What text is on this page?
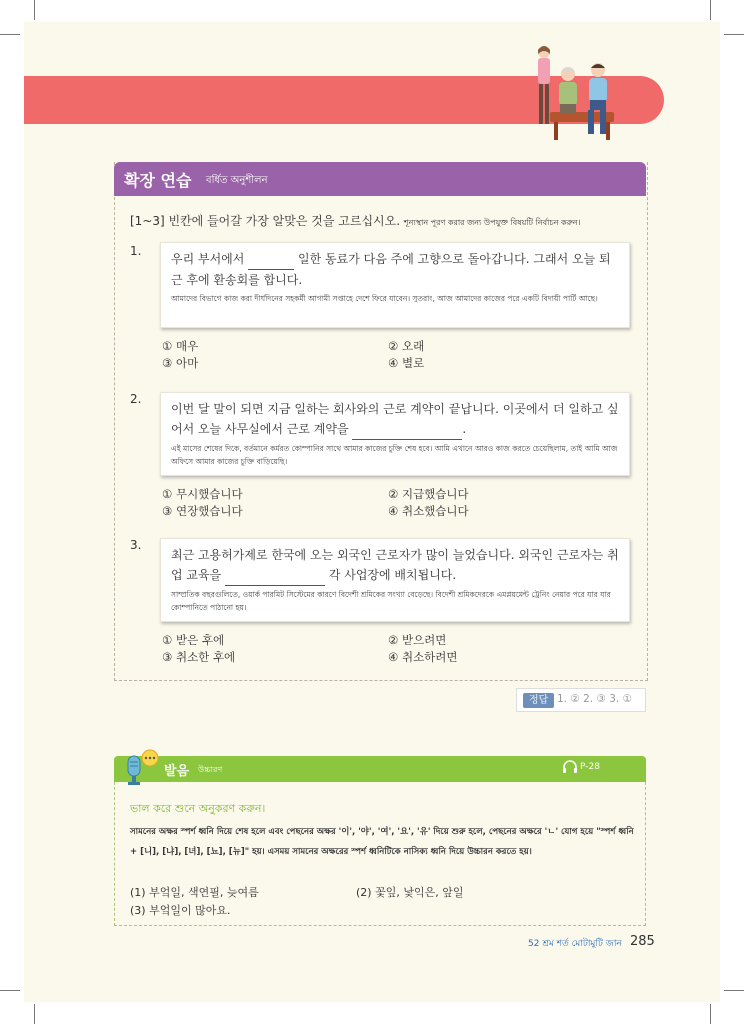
확장 연습 বর্ধিত অনুশীলন
[1~3] 빈칸에 들어갈 가장 알맞은 것을 고르십시오. শূন্যস্থান পূরণ করার জন্য উপযুক্ত বিষয়টি নির্বাচন করুন।
1.
우리 부서에서	일한 동료가 다음 주에 고향으로 돌아갑니다. 그래서 오늘 퇴근 후에 환송회를 합니다.
আমাদের বিভাগে কাজ করা দীর্ঘদিনের সহকর্মী আগামী সপ্তাহে দেশে ফিরে যাবেন। সুতরাং, আজ আমাদের কাজের পরে একটি বিদায়ী পার্টি আছে।
① 매우	② 오래
③ 아마	④ 별로
2.
이번 달 말이 되면 지금 일하는 회사와의 근로 계약이 끝납니다. 이곳에서 더 일하고 싶어서 오늘 사무실에서 근로 계약을	.
এই মাসের শেষের দিকে, বর্তমানে কর্মরত কোম্পানির সাথে আমার কাজের চুক্তি শেষ হবে। আমি এখানে আরও কাজ করতে চেয়েছিলাম, তাই আমি আজ অফিসে আমার কাজের চুক্তি বাড়িয়েছি।
① 무시했습니다	② 지급했습니다
③ 연장했습니다	④ 취소했습니다
3.
최근 고용허가제로 한국에 오는 외국인 근로자가 많이 늘었습니다. 외국인 근로자는 취업 교육을	각 사업장에 배치됩니다.
সাম্প্রতিক বছরগুলিতে, ওয়ার্ক পারমিট সিস্টেমের কারণে বিদেশী শ্রমিকের সংখ্যা বেড়েছে। বিদেশী শ্রমিকদেরকে এমপ্লয়মেন্ট ট্রেনিং নেয়ার পরে যার যার কোম্পানিতে পাঠানো হয়।
① 받은 후에	② 받으려면
③ 취소한 후에	④ 취소하려면
정답 1. ② 2. ③ 3. ①
발음 উচ্চারণ	P-28
ভাল করে শুনে অনুকরণ করুন।
সামনের অক্ষর স্পর্শ ধ্বনি দিয়ে শেষ হলে এবং পেছনের অক্ষর '이', '야', '여', '요', '유' দিয়ে শুরু হলে, পেছনের অক্ষরে 'ㄴ' যোগ হয়ে "স্পর্শ ধ্বনি + [니], [냐], [녀], [뇨], [뉴]" হয়। এসময় সামনের অক্ষরের স্পর্শ ধ্বনিটিকে নাসিক্য ধ্বনি দিয়ে উচ্চারন করতে হয়।
(1) 부엌일, 색연필, 늦여름	(2) 꽃잎, 낯익은, 앞일
(3) 부엌일이 많아요.
52 শ্রম শর্ত মোটামুটি জান 285
